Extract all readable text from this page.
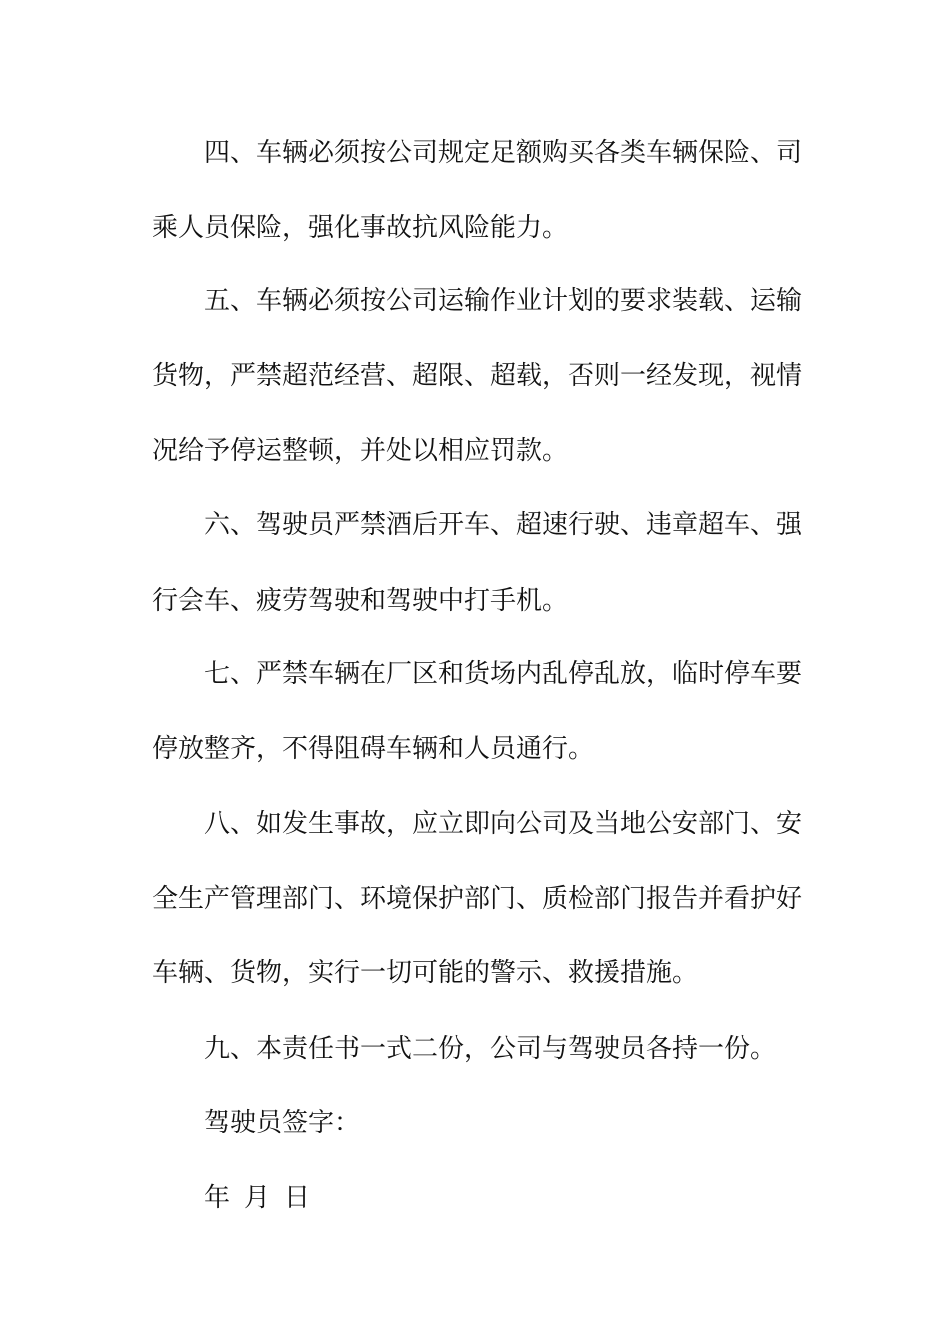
四、车辆必须按公司规定足额购买各类车辆保险、司
乘人员保险，强化事故抗风险能力。
五、车辆必须按公司运输作业计划的要求装载、运输
货物，严禁超范经营、超限、超载，否则一经发现，视情
况给予停运整顿，并处以相应罚款。
六、驾驶员严禁酒后开车、超速行驶、违章超车、强
行会车、疲劳驾驶和驾驶中打手机。
七、严禁车辆在厂区和货场内乱停乱放，临时停车要
停放整齐，不得阻碍车辆和人员通行。
八、如发生事故，应立即向公司及当地公安部门、安
全生产管理部门、环境保护部门、质检部门报告并看护好
车辆、货物，实行一切可能的警示、救援措施。
九、本责任书一式二份，公司与驾驶员各持一份。
驾驶员签字：
年 月 日
